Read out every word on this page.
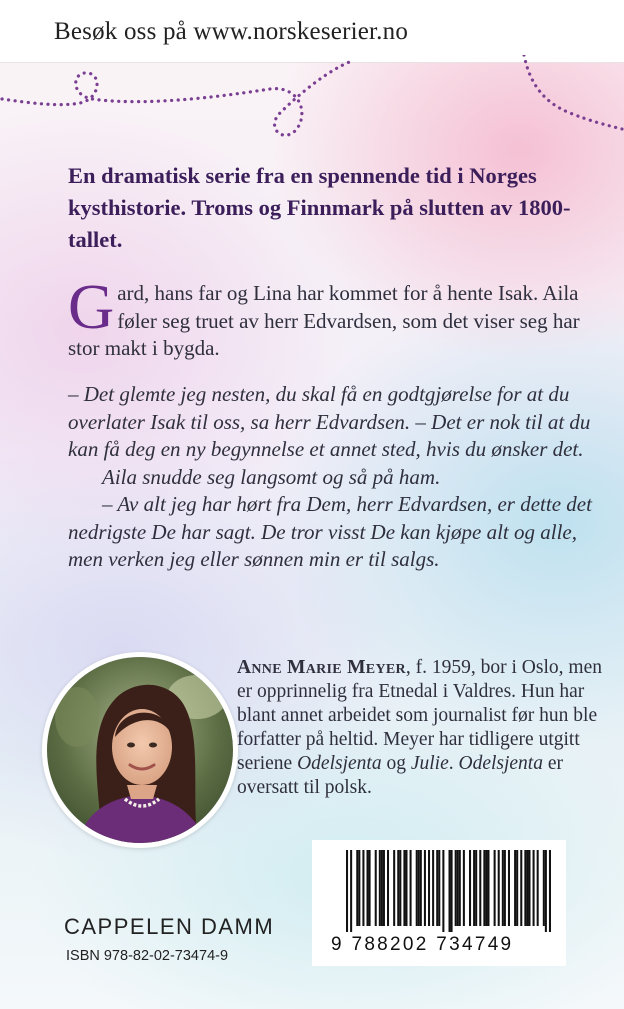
Besøk oss på www.norskeserier.no
En dramatisk serie fra en spennende tid i Norges kysthistorie. Troms og Finnmark på slutten av 1800-tallet.

Gard, hans far og Lina har kommet for å hente Isak. Aila føler seg truet av herr Edvardsen, som det viser seg har stor makt i bygda.

– Det glemte jeg nesten, du skal få en godtgjørelse for at du overlater Isak til oss, sa herr Edvardsen. – Det er nok til at du kan få deg en ny begynnelse et annet sted, hvis du ønsker det.

Aila snudde seg langsomt og så på ham.

– Av alt jeg har hørt fra Dem, herr Edvardsen, er dette det nedrigste De har sagt. De tror visst De kan kjøpe alt og alle, men verken jeg eller sønnen min er til salgs.

Anne Marie Meyer, f. 1959, bor i Oslo, men er opprinnelig fra Etnedal i Valdres. Hun har blant annet arbeidet som journalist før hun ble forfatter på heltid. Meyer har tidligere utgitt seriene Odelsjenta og Julie. Odelsjenta er oversatt til polsk.
CAPPELEN DAMM
ISBN 978-82-02-73474-9
9 788202 734749
